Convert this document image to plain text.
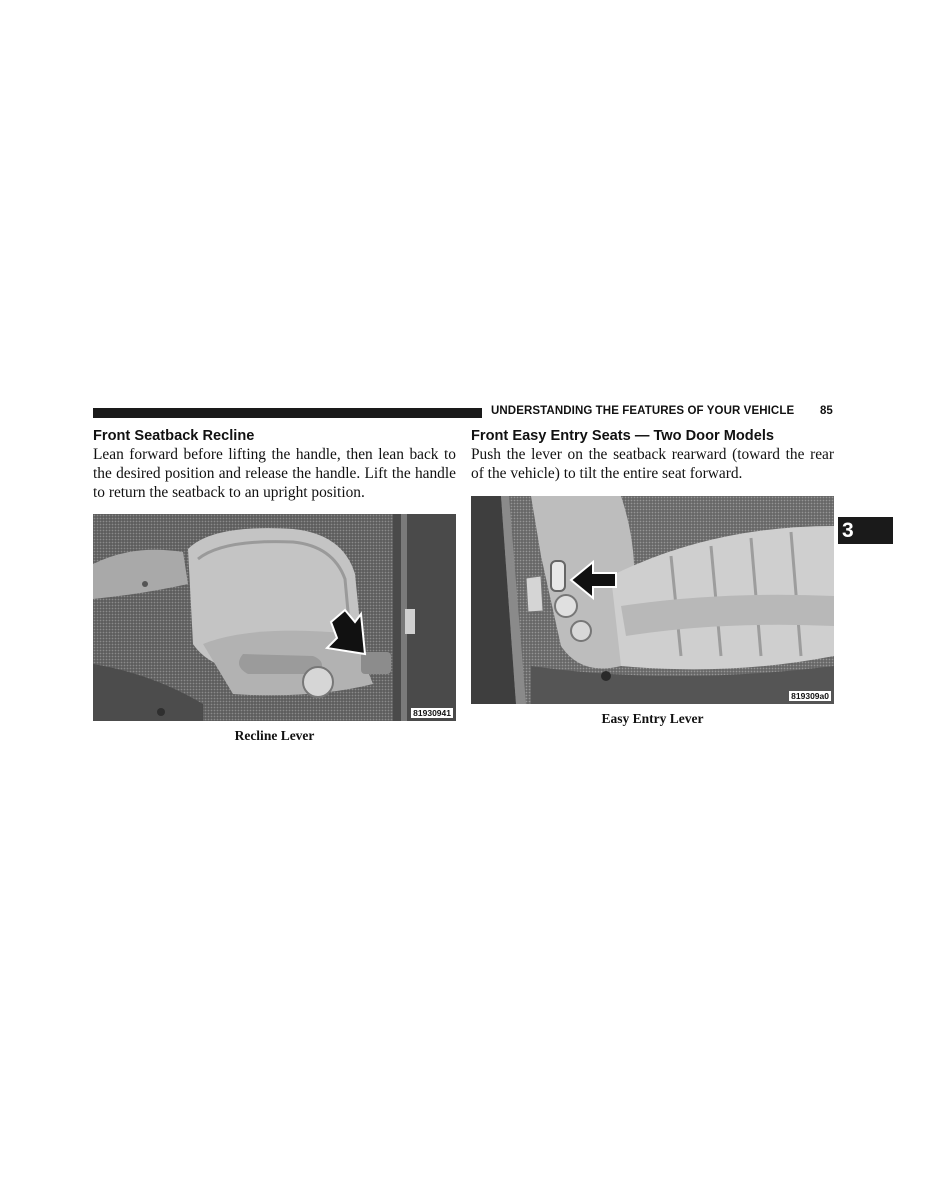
UNDERSTANDING THE FEATURES OF YOUR VEHICLE 85
3
Front Seatback Recline

Lean forward before lifting the handle, then lean back to the desired position and release the handle. Lift the handle to return the seatback to an upright position.

81930941
Recline Lever
Front Easy Entry Seats — Two Door Models

Push the lever on the seatback rearward (toward the rear of the vehicle) to tilt the entire seat forward.

819309a0
Easy Entry Lever
